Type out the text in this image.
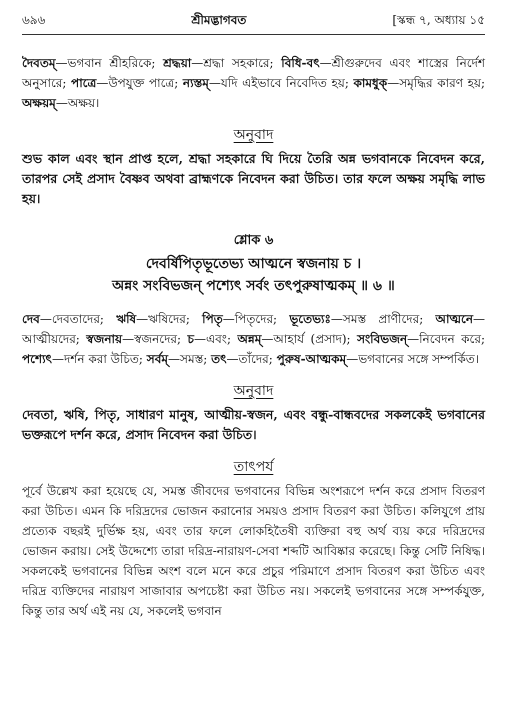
৬৯৬	শ্রীমদ্ভাগবত	[স্কন্ধ ৭, অধ্যায় ১৫

দৈবতম্—ভগবান শ্রীহরিকে; শ্রদ্ধয়া—শ্রদ্ধা সহকারে; বিধি-বৎ—শ্রীগুরুদেব এবং শাস্ত্রের নির্দেশ অনুসারে; পাত্রে—উপযুক্ত পাত্রে; ন্যস্তম্—যদি এইভাবে নিবেদিত হয়; কামধুক্—সমৃদ্ধির কারণ হয়; অক্ষয়ম্—অক্ষয়।

অনুবাদ

শুভ কাল এবং স্থান প্রাপ্ত হলে, শ্রদ্ধা সহকারে ঘি দিয়ে তৈরি অন্ন ভগবানকে নিবেদন করে, তারপর সেই প্রসাদ বৈষ্ণব অথবা ব্রাহ্মণকে নিবেদন করা উচিত। তার ফলে অক্ষয় সমৃদ্ধি লাভ হয়।

শ্লোক ৬

দেবর্ষিপিতৃভূতেভ্য আত্মনে স্বজনায় চ ।

অন্নং সংবিভজন্ পশ্যেৎ সর্বং তৎপুরুষাত্মকম্ ॥ ৬ ॥

দেব—দেবতাদের; ঋষি—ঋষিদের; পিতৃ—পিতৃদের; ভূতেভ্যঃ—সমস্ত প্রাণীদের; আত্মনে—আত্মীয়দের; স্বজনায়—স্বজনদের; চ—এবং; অন্নম্—আহার্য (প্রসাদ); সংবিভজন্—নিবেদন করে; পশ্যেৎ—দর্শন করা উচিত; সর্বম্—সমস্ত; তৎ—তাঁদের; পুরুষ-আত্মকম্—ভগবানের সঙ্গে সম্পর্কিত।

অনুবাদ

দেবতা, ঋষি, পিতৃ, সাধারণ মানুষ, আত্মীয়-স্বজন, এবং বন্ধু-বান্ধবদের সকলকেই ভগবানের ভক্তরূপে দর্শন করে, প্রসাদ নিবেদন করা উচিত।

তাৎপর্য

পূর্বে উল্লেখ করা হয়েছে যে, সমস্ত জীবদের ভগবানের বিভিন্ন অংশরূপে দর্শন করে প্রসাদ বিতরণ করা উচিত। এমন কি দরিদ্রদের ভোজন করানোর সময়ও প্রসাদ বিতরণ করা উচিত। কলিযুগে প্রায় প্রত্যেক বছরই দুর্ভিক্ষ হয়, এবং তার ফলে লোকহিতৈষী ব্যক্তিরা বহু অর্থ ব্যয় করে দরিদ্রদের ভোজন করায়। সেই উদ্দেশ্যে তারা দরিদ্র-নারায়ণ-সেবা শব্দটি আবিষ্কার করেছে। কিন্তু সেটি নিষিদ্ধ। সকলকেই ভগবানের বিভিন্ন অংশ বলে মনে করে প্রচুর পরিমাণে প্রসাদ বিতরণ করা উচিত এবং দরিদ্র ব্যক্তিদের নারায়ণ সাজাবার অপচেষ্টা করা উচিত নয়। সকলেই ভগবানের সঙ্গে সম্পর্কযুক্ত, কিন্তু তার অর্থ এই নয় যে, সকলেই ভগবান
